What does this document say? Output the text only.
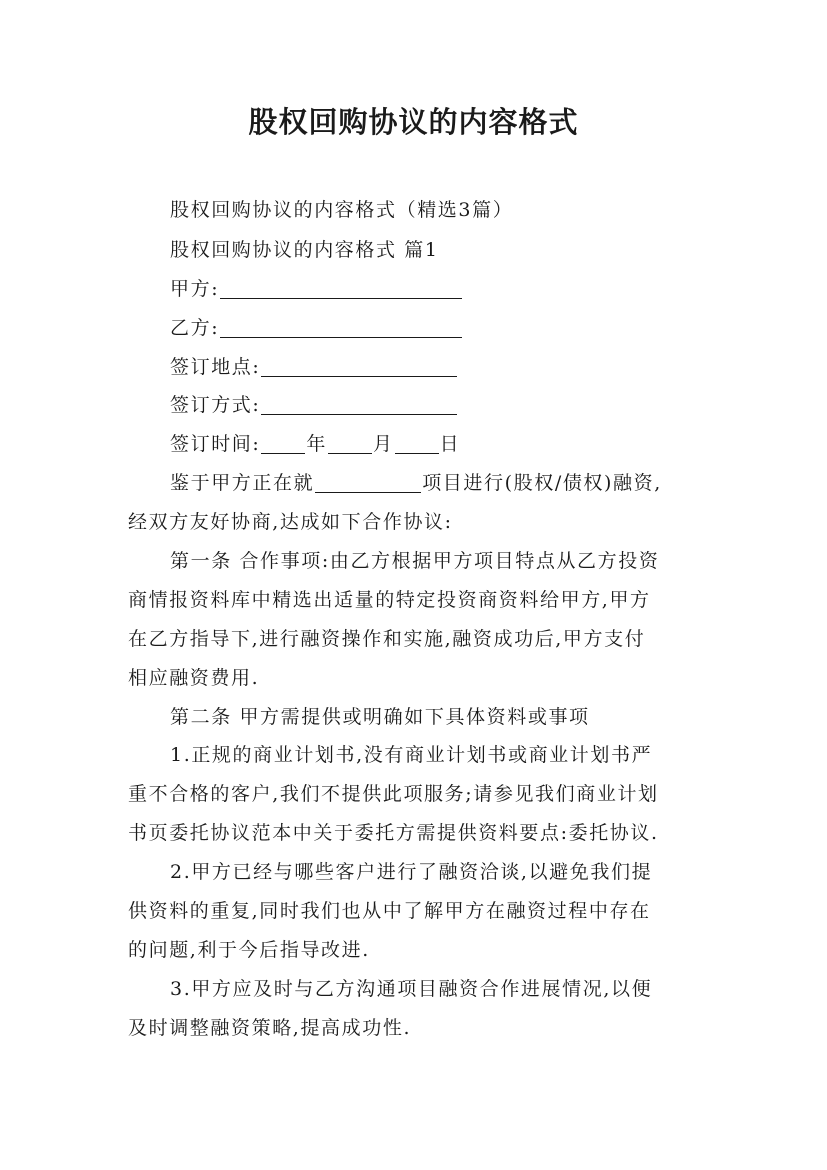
股权回购协议的内容格式
股权回购协议的内容格式（精选3篇）
股权回购协议的内容格式 篇1
甲方:
乙方:
签订地点:
签订方式:
签订时间: 年 月 日
鉴于甲方正在就	项目进行(股权/债权)融资,
经双方友好协商,达成如下合作协议:
第一条 合作事项:由乙方根据甲方项目特点从乙方投资
商情报资料库中精选出适量的特定投资商资料给甲方,甲方
在乙方指导下,进行融资操作和实施,融资成功后,甲方支付
相应融资费用.
第二条 甲方需提供或明确如下具体资料或事项
1.正规的商业计划书,没有商业计划书或商业计划书严
重不合格的客户,我们不提供此项服务;请参见我们商业计划
书页委托协议范本中关于委托方需提供资料要点:委托协议.
2.甲方已经与哪些客户进行了融资洽谈,以避免我们提
供资料的重复,同时我们也从中了解甲方在融资过程中存在
的问题,利于今后指导改进.
3.甲方应及时与乙方沟通项目融资合作进展情况,以便
及时调整融资策略,提高成功性.
